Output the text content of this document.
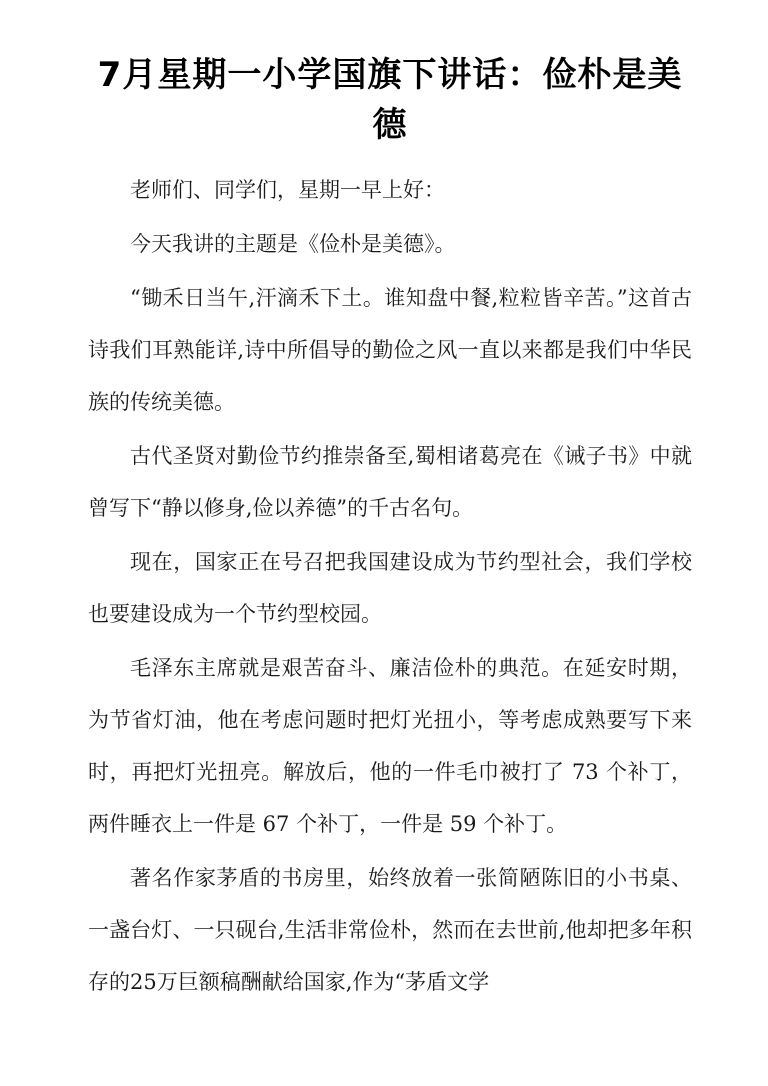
7月星期一小学国旗下讲话：俭朴是美德

老师们、同学们，星期一早上好：

今天我讲的主题是《俭朴是美德》。

“锄禾日当午,汗滴禾下土。谁知盘中餐,粒粒皆辛苦。”这首古诗我们耳熟能详,诗中所倡导的勤俭之风一直以来都是我们中华民族的传统美德。

古代圣贤对勤俭节约推崇备至,蜀相诸葛亮在《诫子书》中就曾写下“静以修身,俭以养德”的千古名句。

现在，国家正在号召把我国建设成为节约型社会，我们学校也要建设成为一个节约型校园。

毛泽东主席就是艰苦奋斗、廉洁俭朴的典范。在延安时期，为节省灯油，他在考虑问题时把灯光扭小，等考虑成熟要写下来时，再把灯光扭亮。解放后，他的一件毛巾被打了 73 个补丁，两件睡衣上一件是 67 个补丁，一件是 59 个补丁。

著名作家茅盾的书房里，始终放着一张简陋陈旧的小书桌、一盏台灯、一只砚台,生活非常俭朴，然而在去世前,他却把多年积存的25万巨额稿酬献给国家,作为“茅盾文学
